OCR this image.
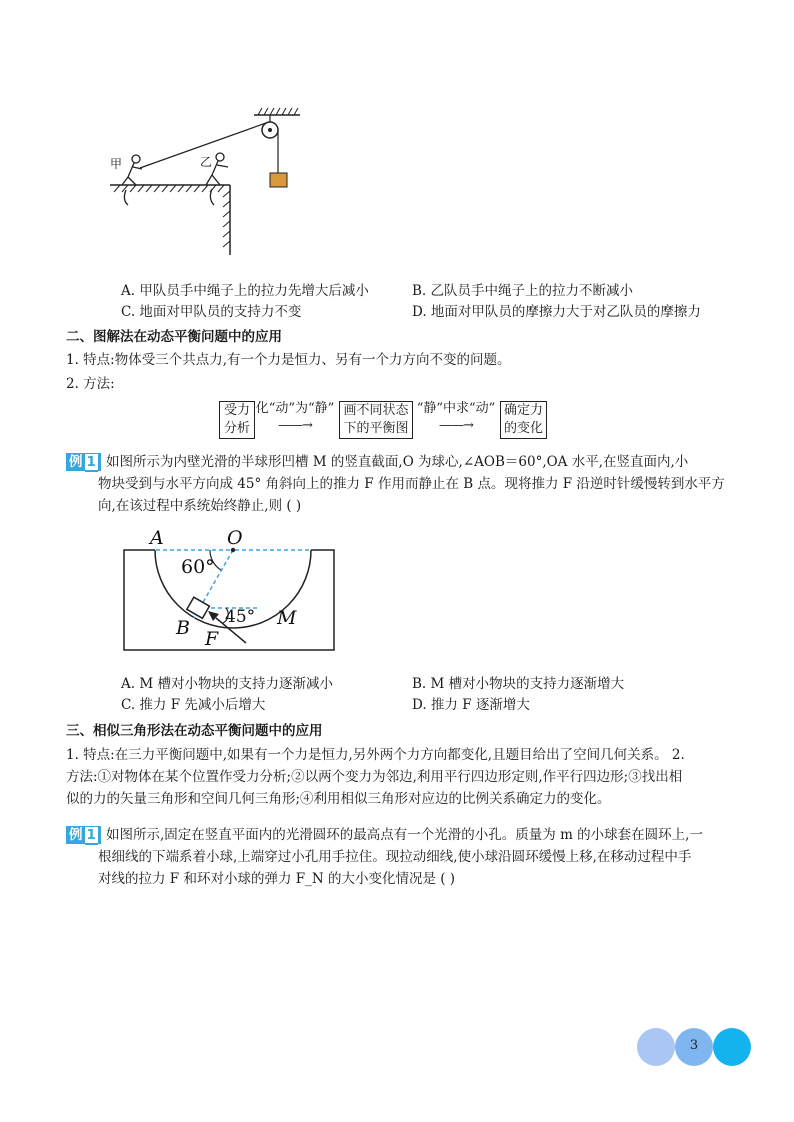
甲	乙
A. 甲队员手中绳子上的拉力先增大后减小	B. 乙队员手中绳子上的拉力不断减小
C. 地面对甲队员的支持力不变	D. 地面对甲队员的摩擦力大于对乙队员的摩擦力
二、图解法在动态平衡问题中的应用
1. 特点:物体受三个共点力,有一个力是恒力、另有一个力方向不变的问题。
2. 方法:
受力
分析
化“动”为“静”
——→
画不同状态
下的平衡图
“静”中求“动”
——→
确定力
的变化
例 1 如图所示为内壁光滑的半球形凹槽 M 的竖直截面,O 为球心,∠AOB＝60°,OA 水平,在竖直面内,小
物块受到与水平方向成 45° 角斜向上的推力 F 作用而静止在 B 点。现将推力 F 沿逆时针缓慢转到水平方
向,在该过程中系统始终静止,则 ( )
A	O
60°
45°
B F
M
A. M 槽对小物块的支持力逐渐减小	B. M 槽对小物块的支持力逐渐增大
C. 推力 F 先减小后增大	D. 推力 F 逐渐增大
三、相似三角形法在动态平衡问题中的应用
1. 特点:在三力平衡问题中,如果有一个力是恒力,另外两个力方向都变化,且题目给出了空间几何关系。 2.
方法:①对物体在某个位置作受力分析;②以两个变力为邻边,利用平行四边形定则,作平行四边形;③找出相
似的力的矢量三角形和空间几何三角形;④利用相似三角形对应边的比例关系确定力的变化。
例 1 如图所示,固定在竖直平面内的光滑圆环的最高点有一个光滑的小孔。质量为 m 的小球套在圆环上,一
根细线的下端系着小球,上端穿过小孔用手拉住。现拉动细线,使小球沿圆环缓慢上移,在移动过程中手
对线的拉力 F 和环对小球的弹力 F_N 的大小变化情况是 ( )
3
